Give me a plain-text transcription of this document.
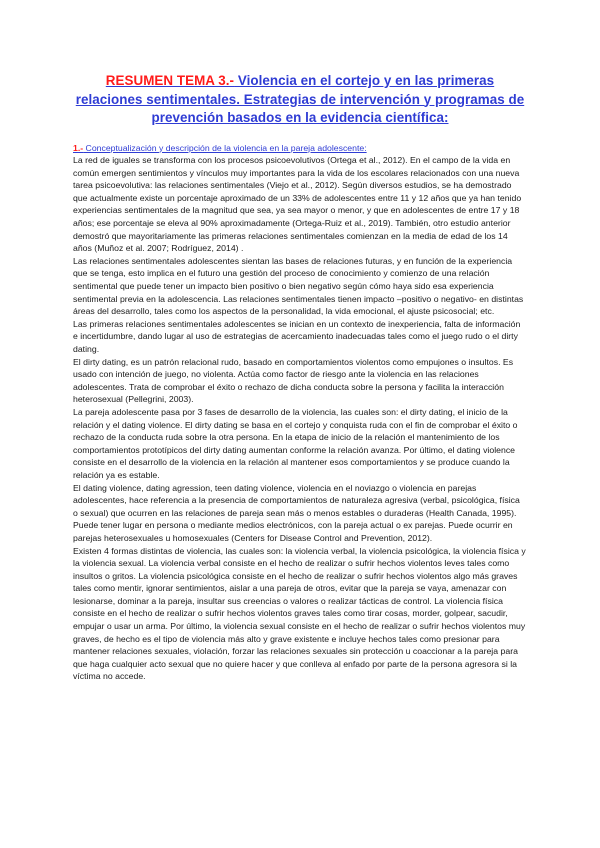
RESUMEN TEMA 3.- Violencia en el cortejo y en las primeras relaciones sentimentales. Estrategias de intervención y programas de prevención basados en la evidencia científica:

1.- Conceptualización y descripción de la violencia en la pareja adolescente:

La red de iguales se transforma con los procesos psicoevolutivos (Ortega et al., 2012). En el campo de la vida en común emergen sentimientos y vínculos muy importantes para la vida de los escolares relacionados con una nueva tarea psicoevolutiva: las relaciones sentimentales (Viejo et al., 2012). Según diversos estudios, se ha demostrado que actualmente existe un porcentaje aproximado de un 33% de adolescentes entre 11 y 12 años que ya han tenido experiencias sentimentales de la magnitud que sea, ya sea mayor o menor, y que en adolescentes de entre 17 y 18 años; ese porcentaje se eleva al 90% aproximadamente (Ortega-Ruiz et al., 2019). También, otro estudio anterior demostró que mayoritariamente las primeras relaciones sentimentales comienzan en la media de edad de los 14 años (Muñoz et al. 2007; Rodríguez, 2014) .

Las relaciones sentimentales adolescentes sientan las bases de relaciones futuras, y en función de la experiencia que se tenga, esto implica en el futuro una gestión del proceso de conocimiento y comienzo de una relación sentimental que puede tener un impacto bien positivo o bien negativo según cómo haya sido esa experiencia sentimental previa en la adolescencia. Las relaciones sentimentales tienen impacto –positivo o negativo- en distintas áreas del desarrollo, tales como los aspectos de la personalidad, la vida emocional, el ajuste psicosocial; etc.

Las primeras relaciones sentimentales adolescentes se inician en un contexto de inexperiencia, falta de información e incertidumbre, dando lugar al uso de estrategias de acercamiento inadecuadas tales como el juego rudo o el dirty dating.

El dirty dating, es un patrón relacional rudo, basado en comportamientos violentos como empujones o insultos. Es usado con intención de juego, no violenta. Actúa como factor de riesgo ante la violencia en las relaciones adolescentes. Trata de comprobar el éxito o rechazo de dicha conducta sobre la persona y facilita la interacción heterosexual (Pellegrini, 2003).

La pareja adolescente pasa por 3 fases de desarrollo de la violencia, las cuales son: el dirty dating, el inicio de la relación y el dating violence. El dirty dating se basa en el cortejo y conquista ruda con el fin de comprobar el éxito o rechazo de la conducta ruda sobre la otra persona. En la etapa de inicio de la relación el mantenimiento de los comportamientos prototípicos del dirty dating aumentan conforme la relación avanza. Por último, el dating violence consiste en el desarrollo de la violencia en la relación al mantener esos comportamientos y se produce cuando la relación ya es estable.

El dating violence, dating agression, teen dating violence, violencia en el noviazgo o violencia en parejas adolescentes, hace referencia a la presencia de comportamientos de naturaleza agresiva (verbal, psicológica, física o sexual) que ocurren en las relaciones de pareja sean más o menos estables o duraderas (Health Canada, 1995). Puede tener lugar en persona o mediante medios electrónicos, con la pareja actual o ex parejas. Puede ocurrir en parejas heterosexuales u homosexuales (Centers for Disease Control and Prevention, 2012).

Existen 4 formas distintas de violencia, las cuales son: la violencia verbal, la violencia psicológica, la violencia física y la violencia sexual. La violencia verbal consiste en el hecho de realizar o sufrir hechos violentos leves tales como insultos o gritos. La violencia psicológica consiste en el hecho de realizar o sufrir hechos violentos algo más graves tales como mentir, ignorar sentimientos, aislar a una pareja de otros, evitar que la pareja se vaya, amenazar con lesionarse, dominar a la pareja, insultar sus creencias o valores o realizar tácticas de control. La violencia física consiste en el hecho de realizar o sufrir hechos violentos graves tales como tirar cosas, morder, golpear, sacudir, empujar o usar un arma. Por último, la violencia sexual consiste en el hecho de realizar o sufrir hechos violentos muy graves, de hecho es el tipo de violencia más alto y grave existente e incluye hechos tales como presionar para mantener relaciones sexuales, violación, forzar las relaciones sexuales sin protección u coaccionar a la pareja para que haga cualquier acto sexual que no quiere hacer y que conlleva al enfado por parte de la persona agresora si la víctima no accede.
